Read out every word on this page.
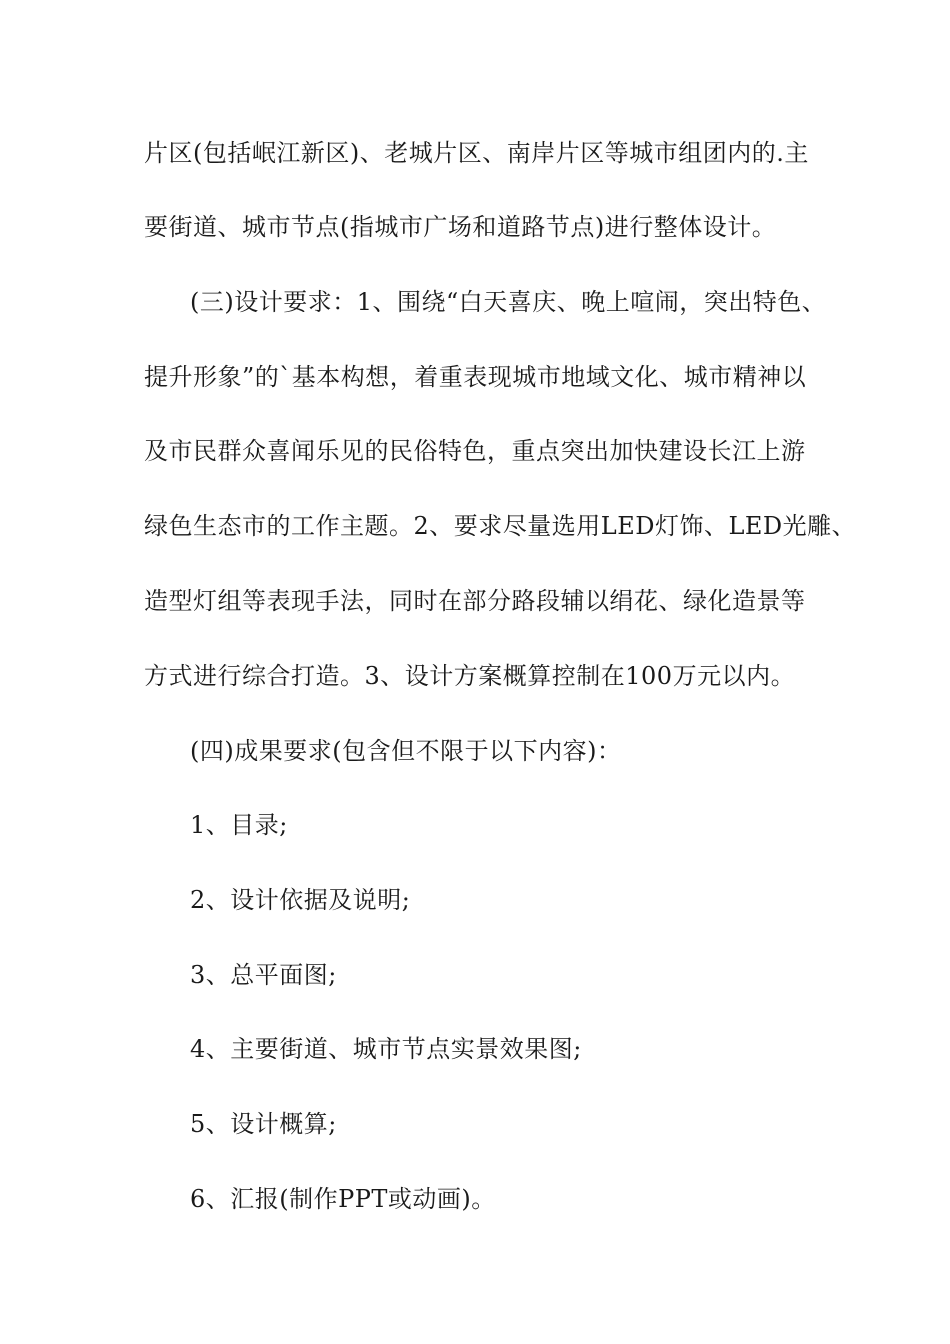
片区(包括岷江新区)、老城片区、南岸片区等城市组团内的.主
要街道、城市节点(指城市广场和道路节点)进行整体设计。
(三)设计要求：1、围绕“白天喜庆、晚上喧闹，突出特色、
提升形象”的`基本构想，着重表现城市地域文化、城市精神以
及市民群众喜闻乐见的民俗特色，重点突出加快建设长江上游
绿色生态市的工作主题。2、要求尽量选用LED灯饰、LED光雕、
造型灯组等表现手法，同时在部分路段辅以绢花、绿化造景等
方式进行综合打造。3、设计方案概算控制在100万元以内。
(四)成果要求(包含但不限于以下内容)：
1、目录;
2、设计依据及说明;
3、总平面图;
4、主要街道、城市节点实景效果图;
5、设计概算;
6、汇报(制作PPT或动画)。
